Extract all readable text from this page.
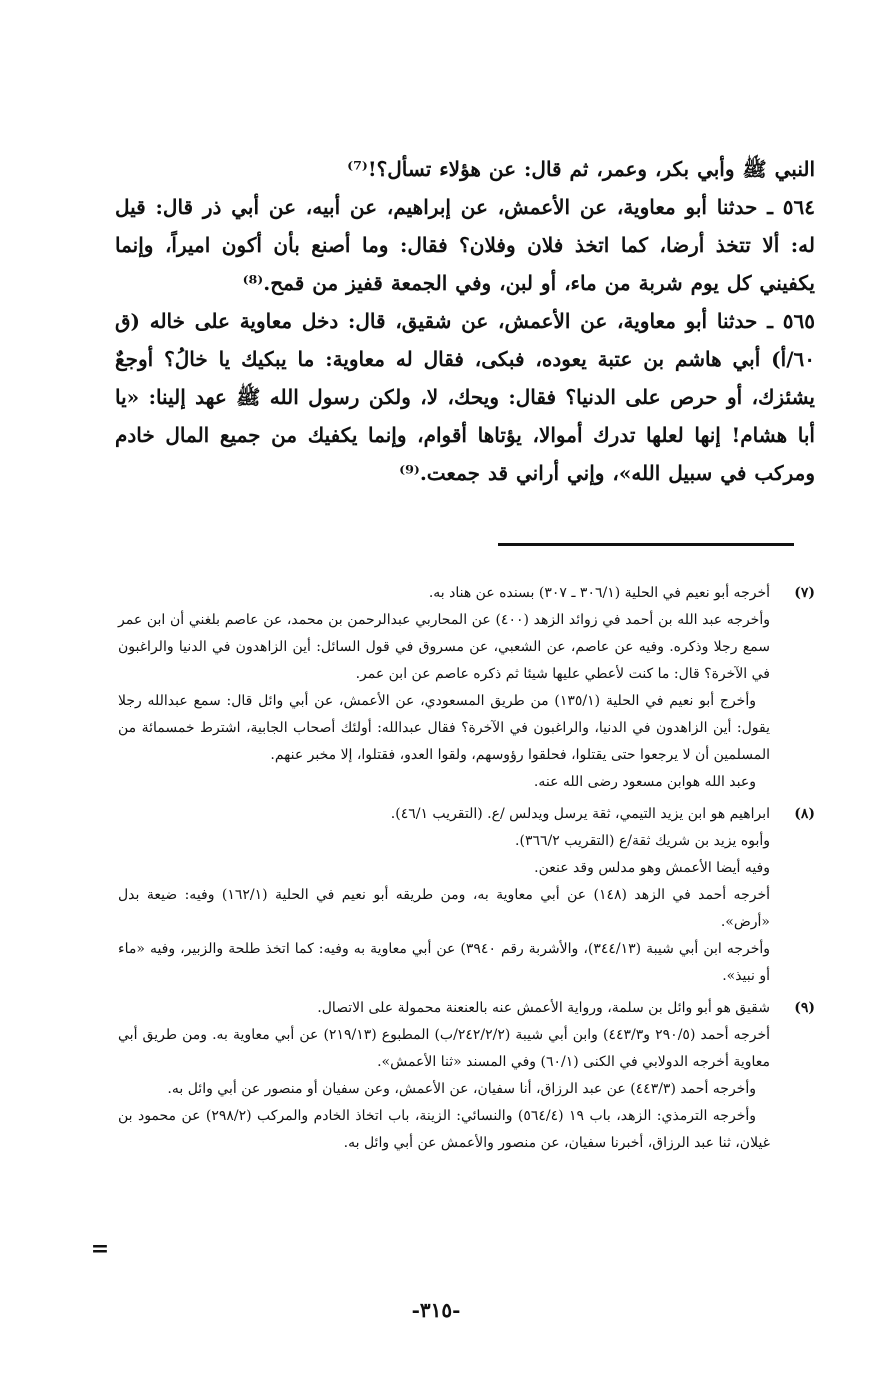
النبي ﷺ وأبي بكر، وعمر، ثم قال: عن هؤلاء تسأل؟!⁽⁷⁾

٥٦٤ ـ حدثنا أبو معاوية، عن الأعمش، عن إبراهيم، عن أبيه، عن أبي ذر قال: قيل له: ألا تتخذ أرضا، كما اتخذ فلان وفلان؟ فقال: وما أصنع بأن أكون اميراً، وإنما يكفيني كل يوم شربة من ماء، أو لبن، وفي الجمعة قفيز من قمح.⁽⁸⁾

٥٦٥ ـ حدثنا أبو معاوية، عن الأعمش، عن شقيق، قال: دخل معاوية على خاله (ق ٦٠/أ) أبي هاشم بن عتبة يعوده، فبكى، فقال له معاوية: ما يبكيك يا خالُ؟ أوجعٌ يشئزك، أو حرص على الدنيا؟ فقال: ويحك، لا، ولكن رسول الله ﷺ عهد إلينا: «يا أبا هشام! إنها لعلها تدرك أموالا، يؤتاها أقوام، وإنما يكفيك من جميع المال خادم ومركب في سبيل الله»، وإني أراني قد جمعت.⁽⁹⁾

(٧)

أخرجه أبو نعيم في الحلية (٣٠٦/١ ـ ٣٠٧) بسنده عن هناد به.

وأخرجه عبد الله بن أحمد في زوائد الزهد (٤٠٠) عن المحاربي عبدالرحمن بن محمد، عن عاصم بلغني أن ابن عمر سمع رجلا وذكره. وفيه عن عاصم، عن الشعبي، عن مسروق في قول السائل: أين الزاهدون في الدنيا والراغبون في الآخرة؟ قال: ما كنت لأعطي عليها شيئا ثم ذكره عاصم عن ابن عمر.

وأخرج أبو نعيم في الحلية (١٣٥/١) من طريق المسعودي، عن الأعمش، عن أبي وائل قال: سمع عبدالله رجلا يقول: أين الزاهدون في الدنيا، والراغبون في الآخرة؟ فقال عبدالله: أولئك أصحاب الجابية، اشترط خمسمائة من المسلمين أن لا يرجعوا حتى يقتلوا، فحلقوا رؤوسهم، ولقوا العدو، فقتلوا، إلا مخبر عنهم.

وعبد الله هوابن مسعود رضى الله عنه.

(٨)

ابراهيم هو ابن يزيد التيمي، ثقة يرسل ويدلس /ع. (التقريب ٤٦/١).

وأبوه يزيد بن شريك ثقة/ع (التقريب ٣٦٦/٢).

وفيه أيضا الأعمش وهو مدلس وقد عنعن.

أخرجه أحمد في الزهد (١٤٨) عن أبي معاوية به، ومن طريقه أبو نعيم في الحلية (١٦٢/١) وفيه: ضيعة بدل «أرض».

وأخرجه ابن أبي شيبة (٣٤٤/١٣)، والأشربة رقم ٣٩٤٠) عن أبي معاوية به وفيه: كما اتخذ طلحة والزبير، وفيه «ماء أو نبيذ».

(٩)

شقيق هو أبو وائل بن سلمة، ورواية الأعمش عنه بالعنعنة محمولة على الاتصال.

أخرجه أحمد (٢٩٠/٥ و٤٤٣/٣) وابن أبي شيبة (٢٤٢/٢/٢/ب) المطبوع (٢١٩/١٣) عن أبي معاوية به. ومن طريق أبي معاوية أخرجه الدولابي في الكنى (٦٠/١) وفي المسند «ثنا الأعمش».

وأخرجه أحمد (٤٤٣/٣) عن عبد الرزاق، أنا سفيان، عن الأعمش، وعن سفيان أو منصور عن أبي وائل به.

وأخرجه الترمذي: الزهد، باب ١٩ (٥٦٤/٤) والنسائي: الزينة، باب اتخاذ الخادم والمركب (٢٩٨/٢) عن محمود بن غيلان، ثنا عبد الرزاق، أخبرنا سفيان، عن منصور والأعمش عن أبي وائل به.

=
-٣١٥-
